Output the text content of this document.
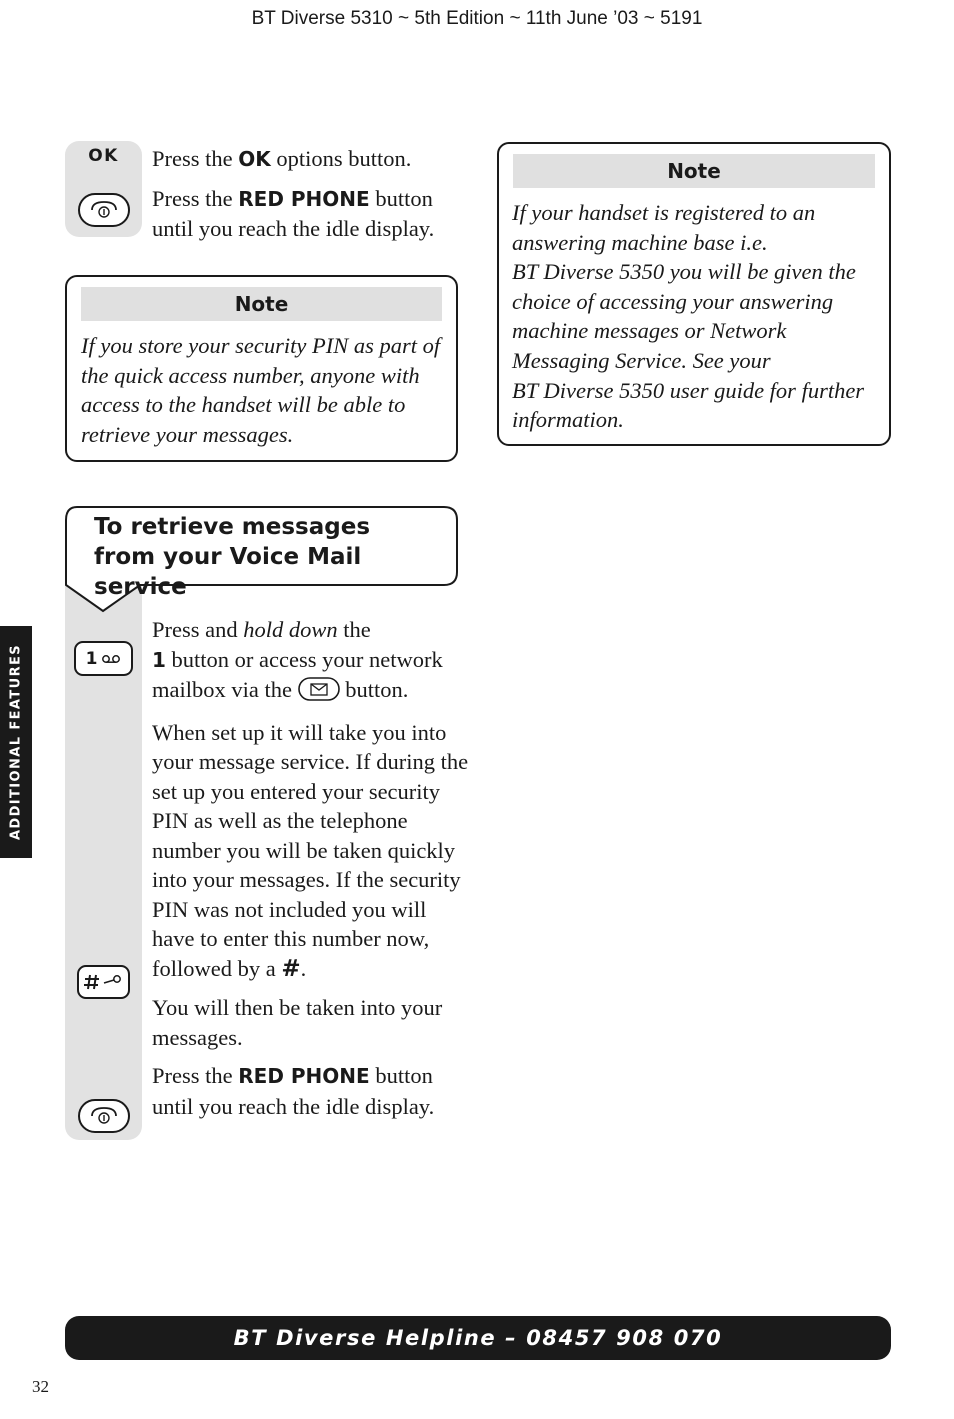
BT Diverse 5310 ~ 5th Edition ~ 11th June ’03 ~ 5191
OK	Press the OK options button.

Press the RED PHONE button until you reach the idle display.

Note
If you store your security PIN as part of the quick access number, anyone with access to the handset will be able to retrieve your messages.
Note
If your handset is registered to an answering machine base i.e.
BT Diverse 5350 you will be given the choice of accessing your answering machine messages or Network Messaging Service. See your
BT Diverse 5350 user guide for further information.
To retrieve messages from your Voice Mail service
1

Press and hold down the
1 button or access your network mailbox via the  button.

When set up it will take you into your message service. If during the set up you entered your security PIN as well as the telephone number you will be taken quickly into your messages. If the security PIN was not included you will have to enter this number now, followed by a #.

You will then be taken into your messages.

Press the RED PHONE button until you reach the idle display.

ADDITIONAL FEATURES
BT Diverse Helpline – 08457 908 070
32
